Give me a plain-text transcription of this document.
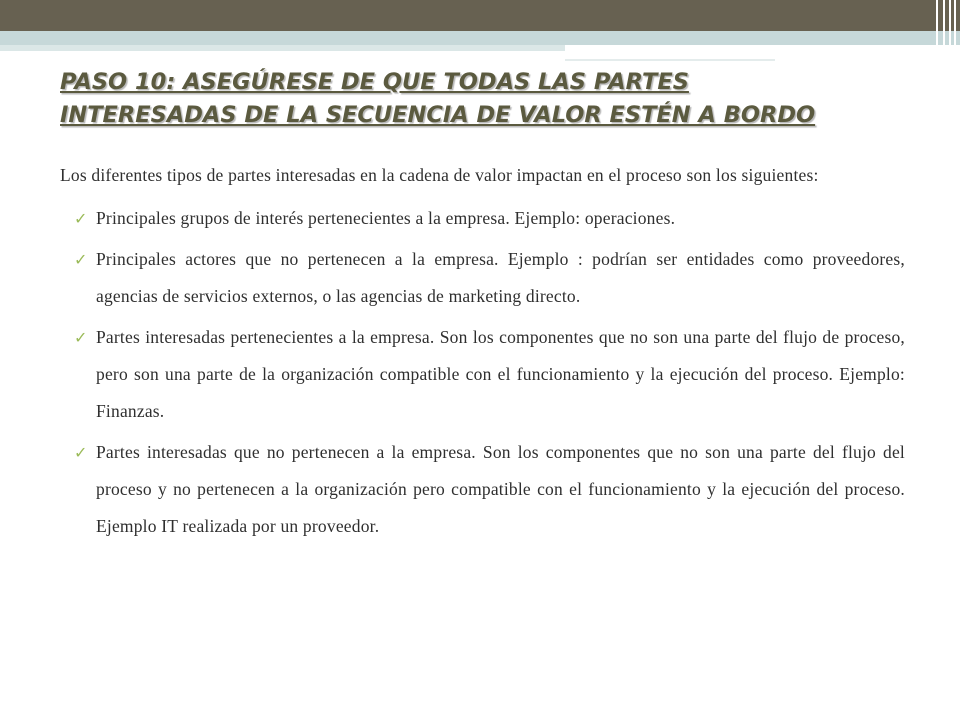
PASO 10: ASEGÚRESE DE QUE TODAS LAS PARTES
INTERESADAS DE LA SECUENCIA DE VALOR ESTÉN A BORDO

Los diferentes tipos de partes interesadas en la cadena de valor impactan en el proceso son los siguientes:

✓ Principales grupos de interés pertenecientes a la empresa. Ejemplo: operaciones.
✓ Principales actores que no pertenecen a la empresa. Ejemplo : podrían ser entidades como proveedores, agencias de servicios externos, o las agencias de marketing directo.
✓ Partes interesadas pertenecientes a la empresa. Son los componentes que no son una parte del flujo de proceso, pero son una parte de la organización compatible con el funcionamiento y la ejecución del proceso. Ejemplo: Finanzas.
✓ Partes interesadas que no pertenecen a la empresa. Son los componentes que no son una parte del flujo del proceso y no pertenecen a la organización pero compatible con el funcionamiento y la ejecución del proceso. Ejemplo IT realizada por un proveedor.
